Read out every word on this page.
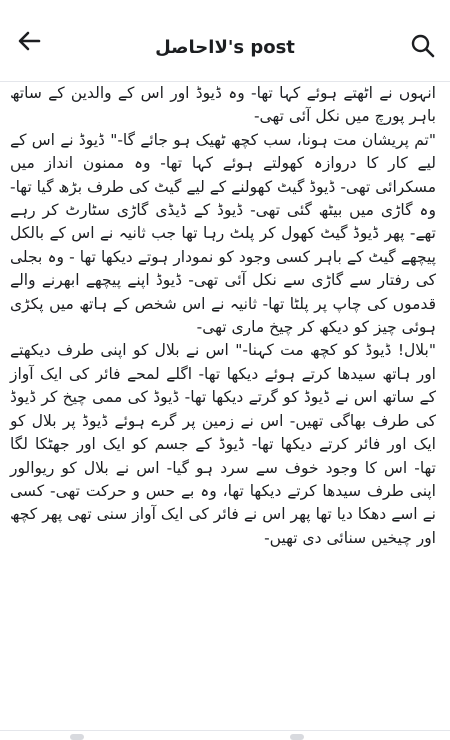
لااحاصل's post

انہوں نے اٹھتے ہوئے کہا تھا- وہ ڈیوڈ اور اس کے والدین کے ساتھ باہر پورچ میں نکل آئی تھی-

"تم پریشان مت ہونا، سب کچھ ٹھیک ہو جائے گا-" ڈیوڈ نے اس کے لیے کار کا دروازہ کھولتے ہوئے کہا تھا- وہ ممنون انداز میں مسکرائی تھی- ڈیوڈ گیٹ کھولنے کے لیے گیٹ کی طرف بڑھ گیا تھا- وہ گاڑی میں بیٹھ گئی تھی- ڈیوڈ کے ڈیڈی گاڑی سٹارٹ کر رہے تھے- پھر ڈیوڈ گیٹ کھول کر پلٹ رہا تھا جب ثانیہ نے اس کے بالکل پیچھے گیٹ کے باہر کسی وجود کو نمودار ہوتے دیکھا تھا - وہ بجلی کی رفتار سے گاڑی سے نکل آئی تھی- ڈیوڈ اپنے پیچھے ابھرنے والے قدموں کی چاپ پر پلٹا تھا- ثانیہ نے اس شخص کے ہاتھ میں پکڑی ہوئی چیز کو دیکھ کر چیخ ماری تھی-

"بلال! ڈیوڈ کو کچھ مت کہنا-" اس نے بلال کو اپنی طرف دیکھتے اور ہاتھ سیدھا کرتے ہوئے دیکھا تھا- اگلے لمحے فائر کی ایک آواز کے ساتھ اس نے ڈیوڈ کو گرتے دیکھا تھا- ڈیوڈ کی ممی چیخ کر ڈیوڈ کی طرف بھاگی تھیں- اس نے زمین پر گرے ہوئے ڈیوڈ پر بلال کو ایک اور فائر کرتے دیکھا تھا- ڈیوڈ کے جسم کو ایک اور جھٹکا لگا تھا- اس کا وجود خوف سے سرد ہو گیا- اس نے بلال کو ریوالور اپنی طرف سیدھا کرتے دیکھا تھا، وہ بے حس و حرکت تھی- کسی نے اسے دھکا دیا تھا پھر اس نے فائر کی ایک آواز سنی تھی پھر کچھ اور چیخیں سنائی دی تھیں-
